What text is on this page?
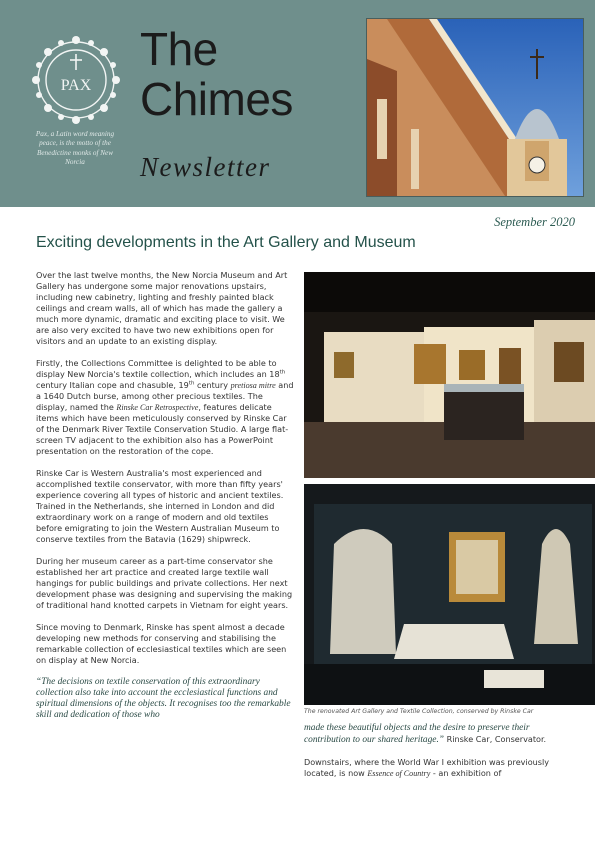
PAX
Pax, a Latin word meaning peace, is the motto of the Benedictine monks of New Norcia
The
Chimes
Newsletter
September 2020
Exciting developments in the Art Gallery and Museum

Over the last twelve months, the New Norcia Museum and Art Gallery has undergone some major renovations upstairs, including new cabinetry, lighting and freshly painted black ceilings and cream walls, all of which has made the gallery a much more dynamic, dramatic and exciting place to visit. We are also very excited to have two new exhibitions open for visitors and an update to an existing display.

Firstly, the Collections Committee is delighted to be able to display New Norcia's textile collection, which includes an 18th century Italian cope and chasuble, 19th century pretiosa mitre and a 1640 Dutch burse, among other precious textiles. The display, named the Rinske Car Retrospective, features delicate items which have been meticulously conserved by Rinske Car of the Denmark River Textile Conservation Studio. A large flat-screen TV adjacent to the exhibition also has a PowerPoint presentation on the restoration of the cope.

Rinske Car is Western Australia's most experienced and accomplished textile conservator, with more than fifty years' experience covering all types of historic and ancient textiles. Trained in the Netherlands, she interned in London and did extraordinary work on a range of modern and old textiles before emigrating to join the Western Australian Museum to conserve textiles from the Batavia (1629) shipwreck.

During her museum career as a part-time conservator she established her art practice and created large textile wall hangings for public buildings and private collections. Her next development phase was designing and supervising the making of traditional hand knotted carpets in Vietnam for eight years.

Since moving to Denmark, Rinske has spent almost a decade developing new methods for conserving and stabilising the remarkable collection of ecclesiastical textiles which are seen on display at New Norcia.

“The decisions on textile conservation of this extraordinary collection also take into account the ecclesiastical functions and spiritual dimensions of the objects. It recognises too the remarkable skill and dedication of those who	The renovated Art Gallery and Textile Collection, conserved by Rinske Car

made these beautiful objects and the desire to preserve their contribution to our shared heritage.” Rinske Car, Conservator.

Downstairs, where the World War I exhibition was previously located, is now Essence of Country - an exhibition of
